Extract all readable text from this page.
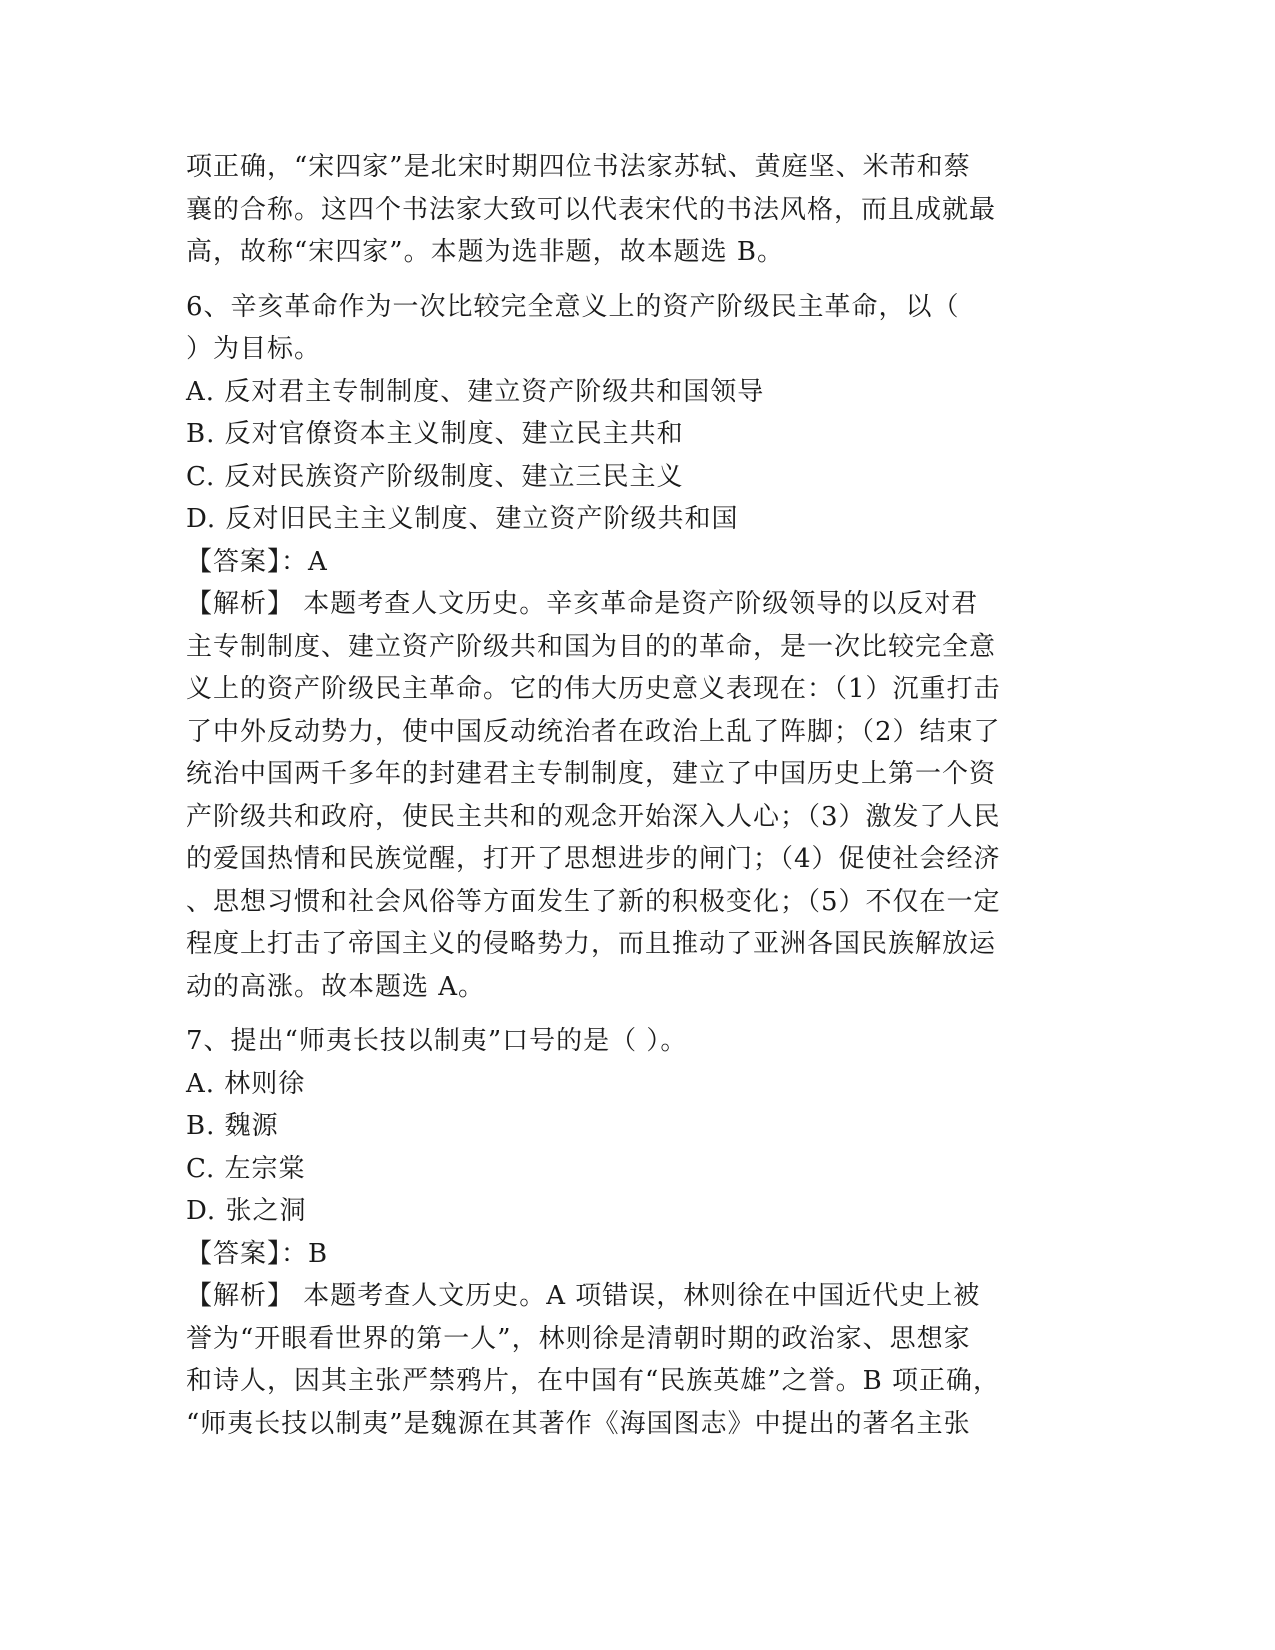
项正确，“宋四家”是北宋时期四位书法家苏轼、黄庭坚、米芾和蔡
襄的合称。这四个书法家大致可以代表宋代的书法风格，而且成就最
高，故称“宋四家”。本题为选非题，故本题选 B。
6、辛亥革命作为一次比较完全意义上的资产阶级民主革命，以（
）为目标。
A. 反对君主专制制度、建立资产阶级共和国领导
B. 反对官僚资本主义制度、建立民主共和
C. 反对民族资产阶级制度、建立三民主义
D. 反对旧民主主义制度、建立资产阶级共和国
【答案】：A
【解析】 本题考查人文历史。辛亥革命是资产阶级领导的以反对君
主专制制度、建立资产阶级共和国为目的的革命，是一次比较完全意
义上的资产阶级民主革命。它的伟大历史意义表现在：（1）沉重打击
了中外反动势力，使中国反动统治者在政治上乱了阵脚；（2）结束了
统治中国两千多年的封建君主专制制度，建立了中国历史上第一个资
产阶级共和政府，使民主共和的观念开始深入人心；（3）激发了人民
的爱国热情和民族觉醒，打开了思想进步的闸门；（4）促使社会经济
、思想习惯和社会风俗等方面发生了新的积极变化；（5）不仅在一定
程度上打击了帝国主义的侵略势力，而且推动了亚洲各国民族解放运
动的高涨。故本题选 A。
7、提出“师夷长技以制夷”口号的是（ ）。
A. 林则徐
B. 魏源
C. 左宗棠
D. 张之洞
【答案】：B
【解析】 本题考查人文历史。A 项错误，林则徐在中国近代史上被
誉为“开眼看世界的第一人”，林则徐是清朝时期的政治家、思想家
和诗人，因其主张严禁鸦片，在中国有“民族英雄”之誉。B 项正确，
“师夷长技以制夷”是魏源在其著作《海国图志》中提出的著名主张
